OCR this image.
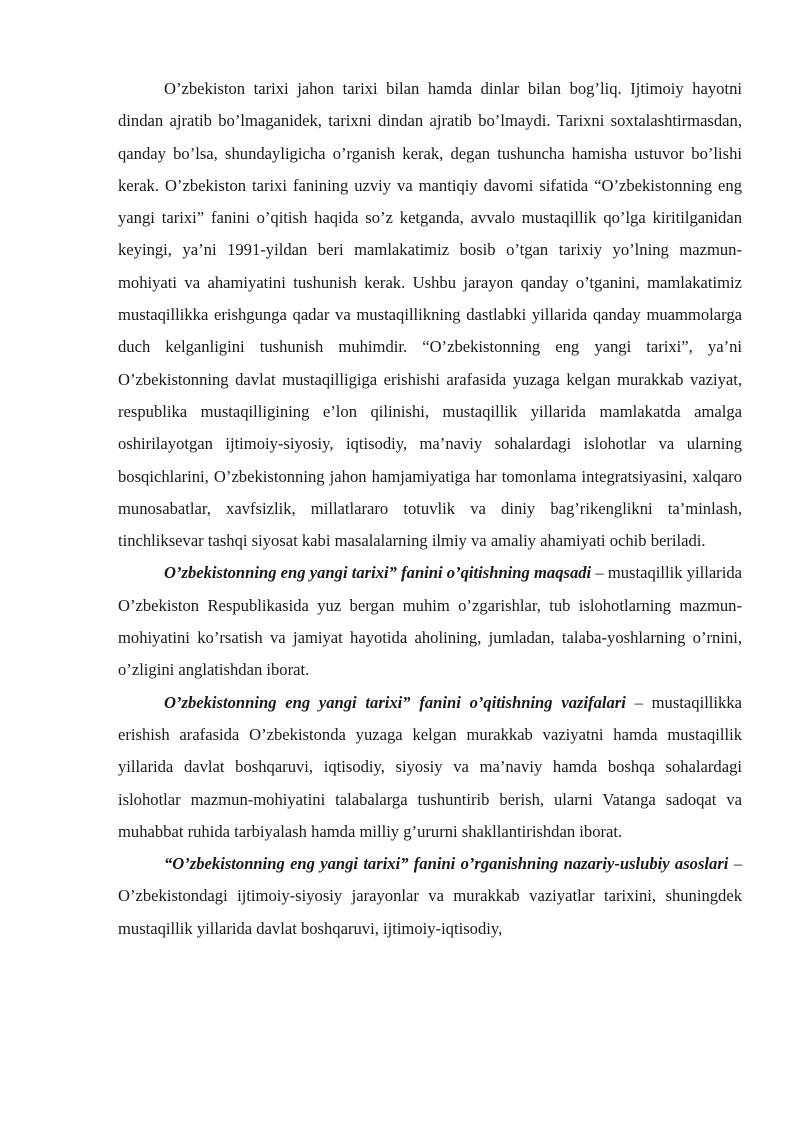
O’zbekiston tarixi jahon tarixi bilan hamda dinlar bilan bog’liq. Ijtimoiy hayotni dindan ajratib bo’lmaganidek, tarixni dindan ajratib bo’lmaydi. Tarixni soxtalashtirmasdan, qanday bo’lsa, shundayligicha o’rganish kerak, degan tushuncha hamisha ustuvor bo’lishi kerak. O’zbekiston tarixi fanining uzviy va mantiqiy davomi sifatida “O’zbekistonning eng yangi tarixi” fanini o’qitish haqida so’z ketganda, avvalo mustaqillik qo’lga kiritilganidan keyingi, ya’ni 1991-yildan beri mamlakatimiz bosib o’tgan tarixiy yo’lning mazmun-mohiyati va ahamiyatini tushunish kerak. Ushbu jarayon qanday o’tganini, mamlakatimiz mustaqillikka erishgunga qadar va mustaqillikning dastlabki yillarida qanday muammolarga duch kelganligini tushunish muhimdir. “O’zbekistonning eng yangi tarixi”, ya’ni O’zbekistonning davlat mustaqilligiga erishishi arafasida yuzaga kelgan murakkab vaziyat, respublika mustaqilligining e’lon qilinishi, mustaqillik yillarida mamlakatda amalga oshirilayotgan ijtimoiy-siyosiy, iqtisodiy, ma’naviy sohalardagi islohotlar va ularning bosqichlarini, O’zbekistonning jahon hamjamiyatiga har tomonlama integratsiyasini, xalqaro munosabatlar, xavfsizlik, millatlararo totuvlik va diniy bag’rikenglikni ta’minlash, tinchliksevar tashqi siyosat kabi masalalarning ilmiy va amaliy ahamiyati ochib beriladi.

O’zbekistonning eng yangi tarixi” fanini o’qitishning maqsadi – mustaqillik yillarida O’zbekiston Respublikasida yuz bergan muhim o’zgarishlar, tub islohotlarning mazmun-mohiyatini ko’rsatish va jamiyat hayotida aholining, jumladan, talaba-yoshlarning o’rnini, o’zligini anglatishdan iborat.

O’zbekistonning eng yangi tarixi” fanini o’qitishning vazifalari – mustaqillikka erishish arafasida O’zbekistonda yuzaga kelgan murakkab vaziyatni hamda mustaqillik yillarida davlat boshqaruvi, iqtisodiy, siyosiy va ma’naviy hamda boshqa sohalardagi islohotlar mazmun-mohiyatini talabalarga tushuntirib berish, ularni Vatanga sadoqat va muhabbat ruhida tarbiyalash hamda milliy g’ururni shakllantirishdan iborat.

“O’zbekistonning eng yangi tarixi” fanini o’rganishning nazariy-uslubiy asoslari – O’zbekistondagi ijtimoiy-siyosiy jarayonlar va murakkab vaziyatlar tarixini, shuningdek mustaqillik yillarida davlat boshqaruvi, ijtimoiy-iqtisodiy,
